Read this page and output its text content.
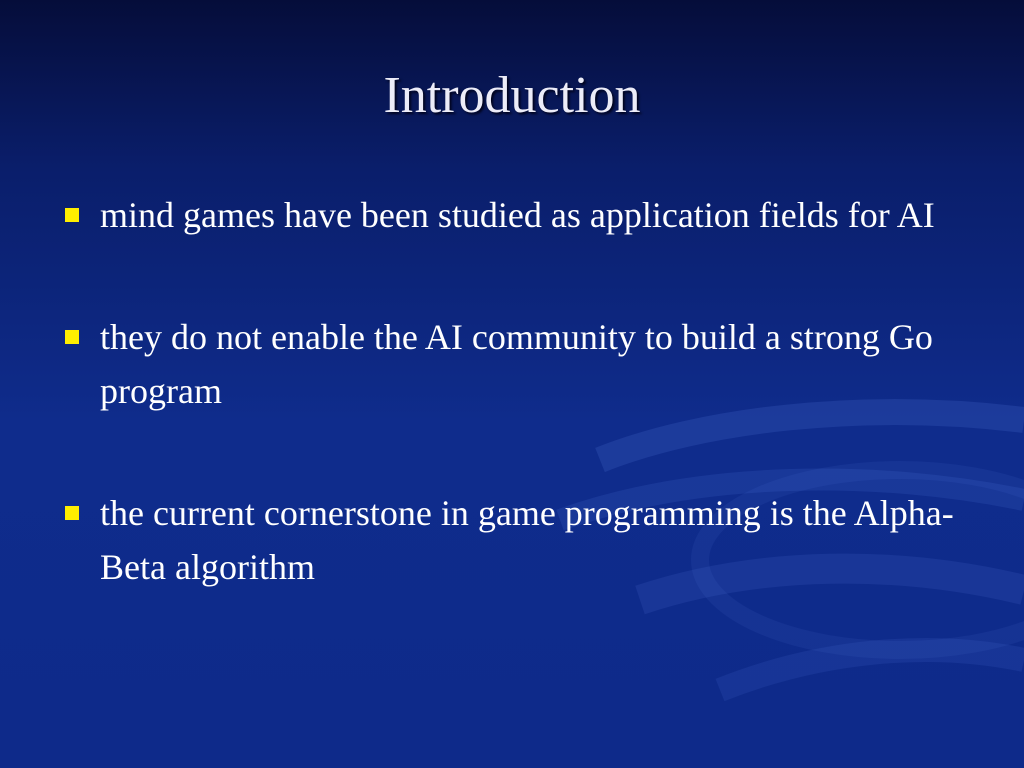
Introduction
mind games have been studied as application fields for AI
they do not enable the AI community to build a strong Go program
the current cornerstone in game programming is the Alpha-Beta algorithm
